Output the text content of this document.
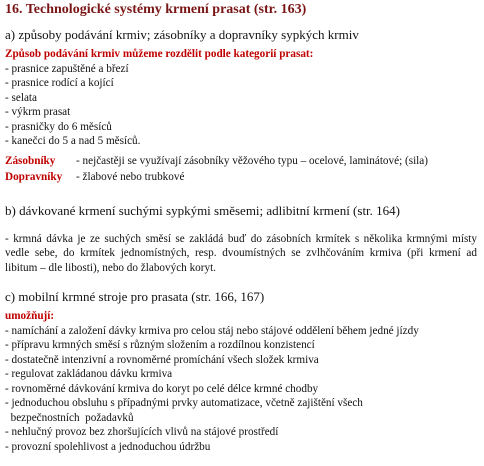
16. Technologické systémy krmení prasat (str. 163)
a) způsoby podávání krmiv; zásobníky a dopravníky sypkých krmiv
Způsob podávání krmiv můžeme rozdělit podle kategorií prasat:
- prasnice zapuštěné a březí
- prasnice rodící a kojící
- selata
- výkrm prasat
- prasničky do 6 měsíců
- kanečci do 5 a nad 5 měsíců.
Zásobníky - nejčastěji se využívají zásobníky věžového typu – ocelové, laminátové; (sila)
Dopravníky - žlabové nebo trubkové
b) dávkované krmení suchými sypkými směsemi; adlibitní krmení (str. 164)
- krmná dávka je ze suchých směsí se zakládá buď do zásobních krmítek s několika krmnými místy vedle sebe, do krmítek jednomístných, resp. dvoumístných se zvlhčováním krmiva (při krmení ad libitum – dle libosti), nebo do žlabových koryt.
c) mobilní krmné stroje pro prasata (str. 166, 167)
umožňují:
- namíchání a založení dávky krmiva pro celou stáj nebo stájové oddělení během jedné jízdy
- přípravu krmných směsí s různým složením a rozdílnou konzistencí
- dostatečně intenzivní a rovnoměrné promíchání všech složek krmiva
- regulovat zakládanou dávku krmiva
- rovnoměrné dávkování krmiva do koryt po celé délce krmné chodby
- jednoduchou obsluhu s případnými prvky automatizace, včetně zajištění všech
bezpečnostních  požadavků
- nehlučný provoz bez zhoršujících vlivů na stájové prostředí
- provozní spolehlivost a jednoduchou údržbu
